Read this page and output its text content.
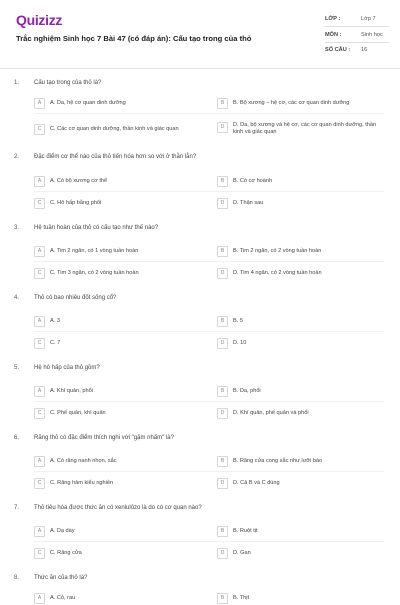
Quizizz
Trắc nghiệm Sinh học 7 Bài 47 (có đáp án): Cấu tạo trong của thỏ
LỚP :	Lớp 7
MÔN :	Sinh học
SỐ CÂU :	16
1. Cấu tạo trong của thỏ là?
A	A. Da, hệ cơ quan dinh dưỡng	B	B. Bộ xương – hệ cơ, các cơ quan dinh dưỡng
C	C. Các cơ quan dinh dưỡng, thần kinh và giác quan	D	D. Da, bộ xương và hệ cơ, các cơ quan dinh dưỡng, thần kinh và giác quan
2. Đặc điểm cơ thể nào của thỏ tiến hóa hơn so với ở thằn lằn?
A	A. Có bộ xương cơ thể	B	B. Có cơ hoành
C	C. Hô hấp bằng phổi	D	D. Thận sau
3. Hệ tuần hoàn của thỏ có cấu tạo như thế nào?
A	A. Tim 2 ngăn, có 1 vòng tuần hoàn	B	B. Tim 2 ngăn, có 2 vòng tuần hoàn
C	C. Tim 3 ngăn, có 2 vòng tuần hoàn	D	D. Tim 4 ngăn, có 2 vòng tuần hoàn
4. Thỏ có bao nhiêu đốt sống cổ?
A	A. 3	B	B. 5
C	C. 7	D	D. 10
5. Hệ hô hấp của thỏ gồm?
A	A. Khí quản, phổi	B	B. Da, phổi
C	C. Phế quản, khí quản	D	D. Khí quản, phế quản và phổi
6. Răng thỏ có đặc điểm thích nghi với "gặm nhấm" là?
A	A. Có răng nanh nhọn, sắc	B	B. Răng cửa cong sắc như lưỡi bào
C	C. Răng hàm kiểu nghiền	D	D. Cả B và C đúng
7. Thỏ tiêu hóa được thức ăn có xenlulôzo là do có cơ quan nào?
A	A. Dạ dày	B	B. Ruột tịt
C	C. Răng cửa	D	D. Gan
8. Thức ăn của thỏ là?
A	A. Cỏ, rau	B	B. Thịt
